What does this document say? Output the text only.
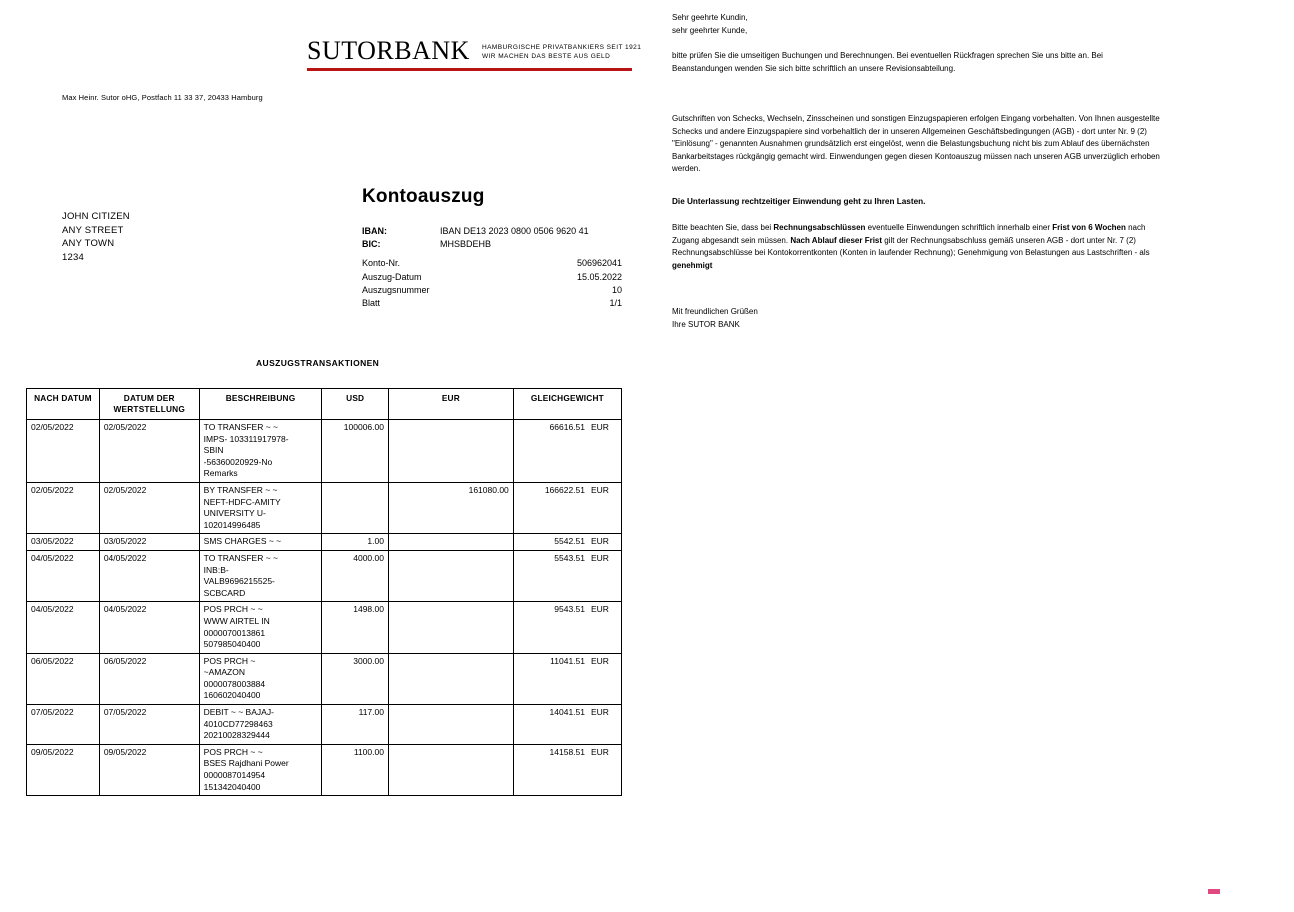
SUTOR BANK HAMBURGISCHE PRIVATBANKIERS SEIT 1921
WIR MACHEN DAS BESTE AUS GELD
Max Heinr. Sutor oHG, Postfach 11 33 37, 20433 Hamburg
JOHN CITIZEN
ANY STREET
ANY TOWN
1234
Kontoauszug
IBAN:	IBAN DE13 2023 0800 0506 9620 41
BIC:	MHSBDEHB
Konto-Nr.	506962041
Auszug-Datum	15.05.2022
Auszugsnummer	10
Blatt	1/1
AUSZUGSTRANSAKTIONEN
NACH DATUM	DATUM DER WERTSTELLUNG	BESCHREIBUNG	USD	EUR	GLEICHGEWICHT
02/05/2022	02/05/2022	TO TRANSFER ~ ~
IMPS- 103311917978-
SBIN
-56360020929-No
Remarks	100006.00		66616.51 EUR
02/05/2022	02/05/2022	BY TRANSFER ~ ~
NEFT-HDFC-AMITY
UNIVERSITY U-
102014996485		161080.00	166622.51 EUR
03/05/2022	03/05/2022	SMS CHARGES ~ ~	1.00		5542.51 EUR
04/05/2022	04/05/2022	TO TRANSFER ~ ~
INB:B-
VALB9696215525-
SCBCARD	4000.00		5543.51 EUR
04/05/2022	04/05/2022	POS PRCH ~ ~
WWW AIRTEL IN
0000070013861
507985040400	1498.00		9543.51 EUR
06/05/2022	06/05/2022	POS PRCH ~
~AMAZON
0000078003884
160602040400	3000.00		11041.51 EUR
07/05/2022	07/05/2022	DEBIT ~ ~ BAJAJ-
4010CD77298463
20210028329444	117.00		14041.51 EUR
09/05/2022	09/05/2022	POS PRCH ~ ~
BSES Rajdhani Power
0000087014954
151342040400	1100.00		14158.51 EUR
Sehr geehrte Kundin,
sehr geehrter Kunde,
bitte prüfen Sie die umseitigen Buchungen und Berechnungen. Bei eventuellen Rückfragen sprechen Sie uns bitte an. Bei Beanstandungen wenden Sie sich bitte schriftlich an unsere Revisionsabteilung.
Gutschriften von Schecks, Wechseln, Zinsscheinen und sonstigen Einzugspapieren erfolgen Eingang vorbehalten. Von Ihnen ausgestellte Schecks und andere Einzugspapiere sind vorbehaltlich der in unseren Allgemeinen Geschäftsbedingungen (AGB) - dort unter Nr. 9 (2) "Einlösung" - genannten Ausnahmen grundsätzlich erst eingelöst, wenn die Belastungsbuchung nicht bis zum Ablauf des übernächsten Bankarbeitstages rückgängig gemacht wird. Einwendungen gegen diesen Kontoauszug müssen nach unseren AGB unverzüglich erhoben werden.
Die Unterlassung rechtzeitiger Einwendung geht zu Ihren Lasten.
Bitte beachten Sie, dass bei Rechnungsabschlüssen eventuelle Einwendungen schriftlich innerhalb einer Frist von 6 Wochen nach Zugang abgesandt sein müssen. Nach Ablauf dieser Frist gilt der Rechnungsabschluss gemäß unseren AGB - dort unter Nr. 7 (2) Rechnungsabschlüsse bei Kontokorrentkonten (Konten in laufender Rechnung); Genehmigung von Belastungen aus Lastschriften - als genehmigt
Mit freundlichen Grüßen
Ihre SUTOR BANK
